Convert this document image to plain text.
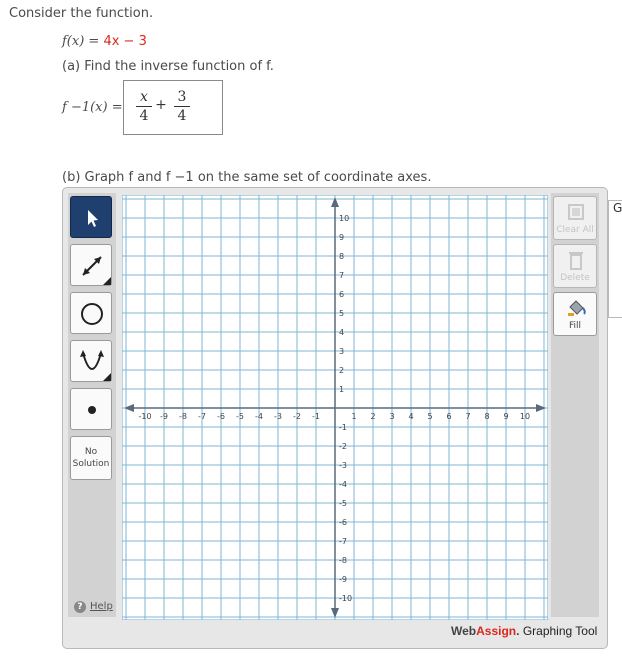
Consider the function.
f(x) = 4x − 3
(a) Find the inverse function of f.
f −1(x) =
x
4
+ 3
4
(b) Graph f and f −1 on the same set of coordinate axes.
No Solution
? Help
Clear All
Delete
Fill
G
-10 -9 -8 -7 -6 -5 -4 -3 -2 -1	1 2 3 4 5 6 7 8 9 10
10
9
8
7
6
5
4
3
2
1
-1
-2
-3
-4
-5
-6
-7
-8
-9
-10
WebAssign. Graphing Tool
